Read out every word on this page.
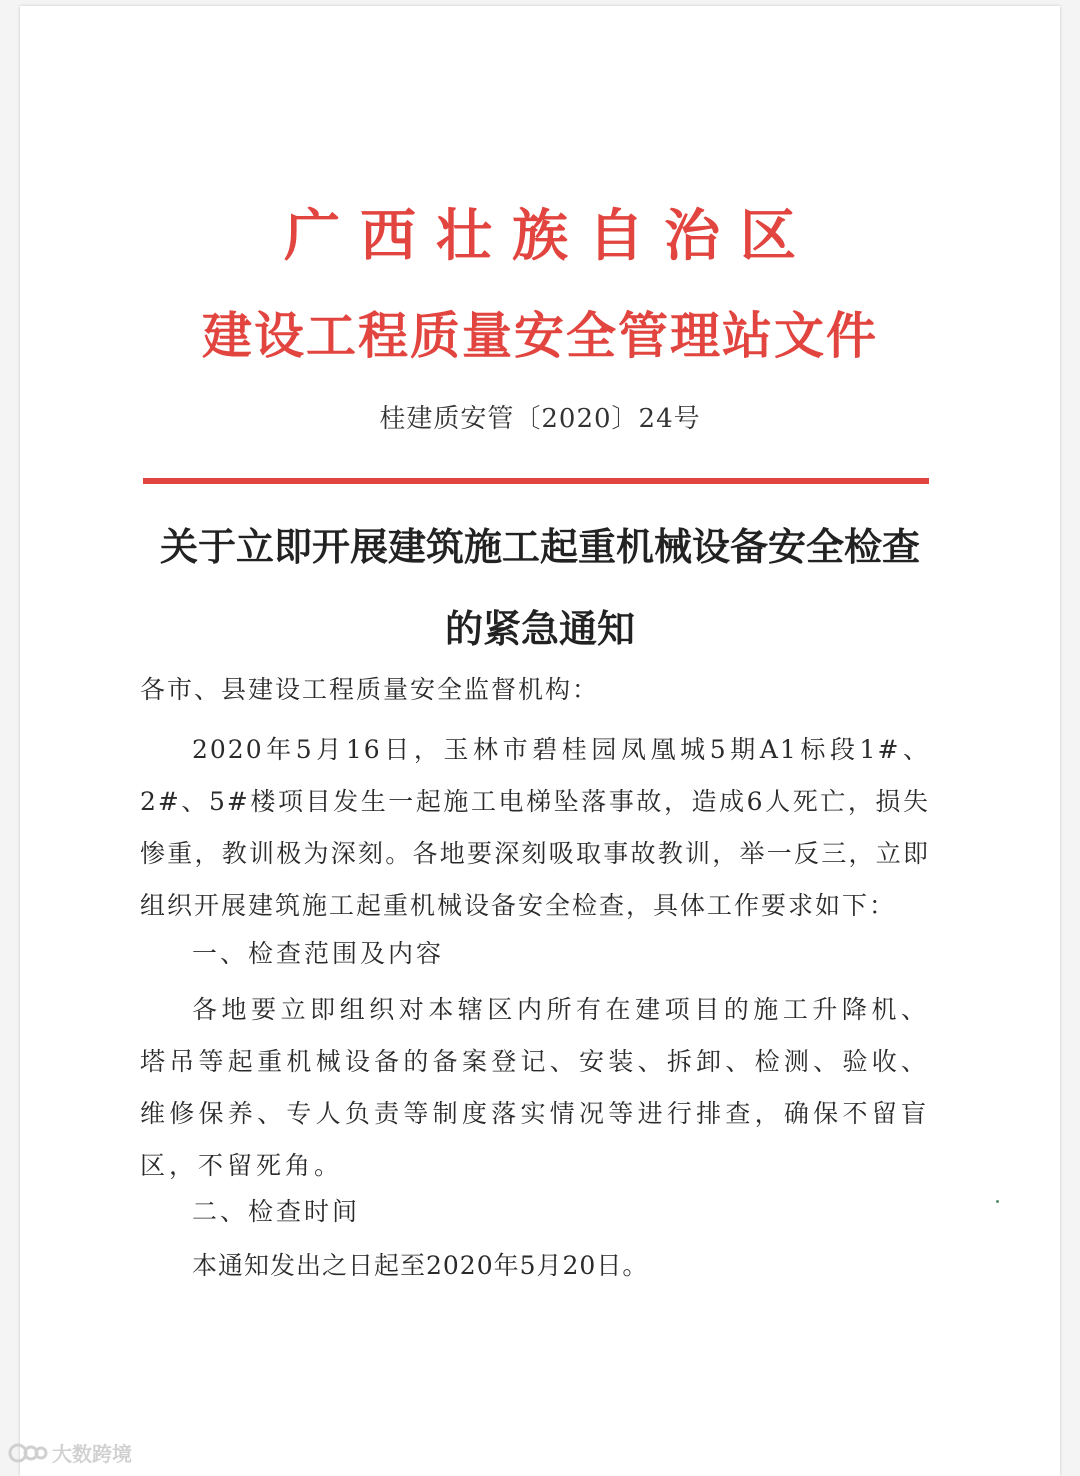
广西壮族自治区
建设工程质量安全管理站文件
桂建质安管〔2020〕24号
关于立即开展建筑施工起重机械设备安全检查
的紧急通知
各市、县建设工程质量安全监督机构：
2020年5月16日，玉林市碧桂园凤凰城5期A1标段1#、2#、5#楼项目发生一起施工电梯坠落事故，造成6人死亡，损失惨重，教训极为深刻。各地要深刻吸取事故教训，举一反三，立即组织开展建筑施工起重机械设备安全检查，具体工作要求如下：
一、检查范围及内容
各地要立即组织对本辖区内所有在建项目的施工升降机、塔吊等起重机械设备的备案登记、安装、拆卸、检测、验收、维修保养、专人负责等制度落实情况等进行排查，确保不留盲区，不留死角。
二、检查时间
本通知发出之日起至2020年5月20日。
大数跨境
